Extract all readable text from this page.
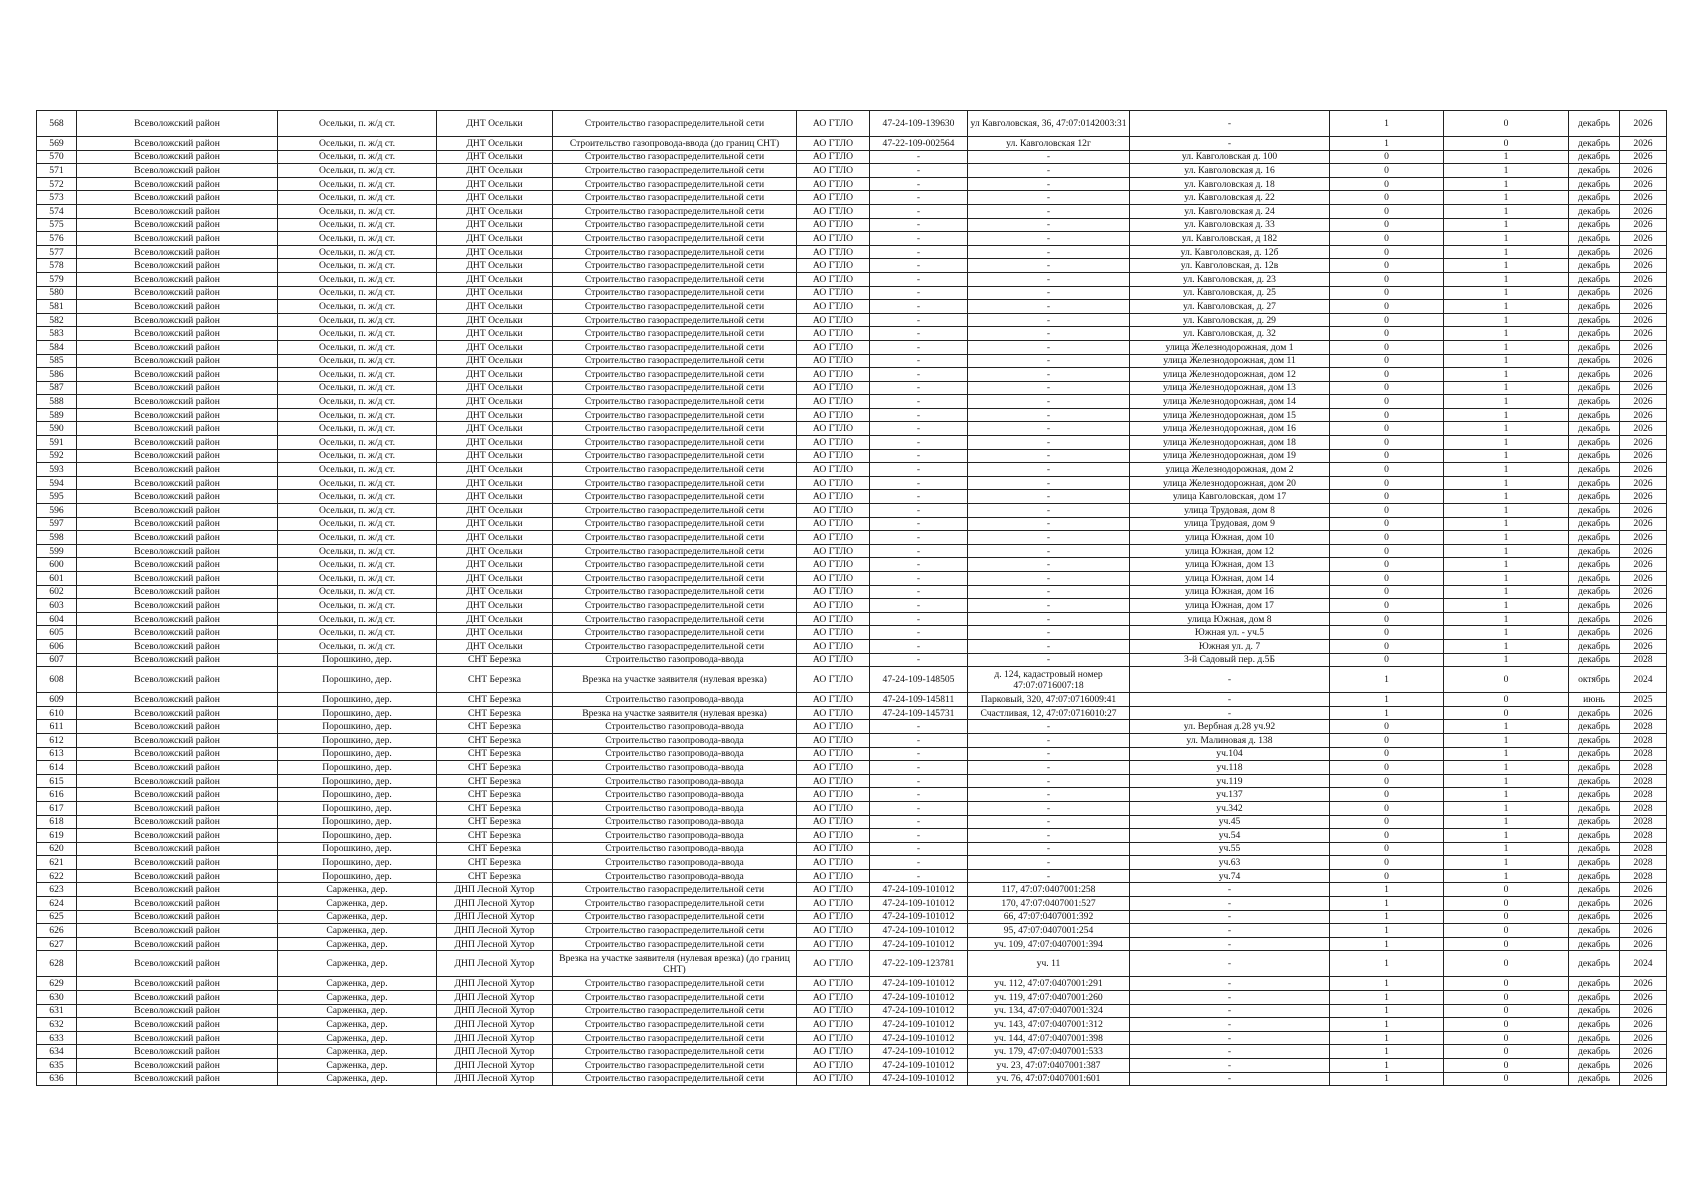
568	Всеволожский район	Осельки, п. ж/д ст.	ДНТ Осельки	Строительство газораспределительной сети	АО ГТЛО	47-24-109-139630	ул Кавголовская, 36, 47:07:0142003:31	-	1	0	декабрь	2026
569	Всеволожский район	Осельки, п. ж/д ст.	ДНТ Осельки	Строительство газопровода-ввода (до границ СНТ)	АО ГТЛО	47-22-109-002564	ул. Кавголовская 12г	-	1	0	декабрь	2026
570	Всеволожский район	Осельки, п. ж/д ст.	ДНТ Осельки	Строительство газораспределительной сети	АО ГТЛО	-	-	ул. Кавголовская д. 100	0	1	декабрь	2026
571	Всеволожский район	Осельки, п. ж/д ст.	ДНТ Осельки	Строительство газораспределительной сети	АО ГТЛО	-	-	ул. Кавголовская д. 16	0	1	декабрь	2026
572	Всеволожский район	Осельки, п. ж/д ст.	ДНТ Осельки	Строительство газораспределительной сети	АО ГТЛО	-	-	ул. Кавголовская д. 18	0	1	декабрь	2026
573	Всеволожский район	Осельки, п. ж/д ст.	ДНТ Осельки	Строительство газораспределительной сети	АО ГТЛО	-	-	ул. Кавголовская д. 22	0	1	декабрь	2026
574	Всеволожский район	Осельки, п. ж/д ст.	ДНТ Осельки	Строительство газораспределительной сети	АО ГТЛО	-	-	ул. Кавголовская д. 24	0	1	декабрь	2026
575	Всеволожский район	Осельки, п. ж/д ст.	ДНТ Осельки	Строительство газораспределительной сети	АО ГТЛО	-	-	ул. Кавголовская д. 33	0	1	декабрь	2026
576	Всеволожский район	Осельки, п. ж/д ст.	ДНТ Осельки	Строительство газораспределительной сети	АО ГТЛО	-	-	ул. Кавголовская, д 182	0	1	декабрь	2026
577	Всеволожский район	Осельки, п. ж/д ст.	ДНТ Осельки	Строительство газораспределительной сети	АО ГТЛО	-	-	ул. Кавголовская, д. 12б	0	1	декабрь	2026
578	Всеволожский район	Осельки, п. ж/д ст.	ДНТ Осельки	Строительство газораспределительной сети	АО ГТЛО	-	-	ул. Кавголовская, д. 12в	0	1	декабрь	2026
579	Всеволожский район	Осельки, п. ж/д ст.	ДНТ Осельки	Строительство газораспределительной сети	АО ГТЛО	-	-	ул. Кавголовская, д. 23	0	1	декабрь	2026
580	Всеволожский район	Осельки, п. ж/д ст.	ДНТ Осельки	Строительство газораспределительной сети	АО ГТЛО	-	-	ул. Кавголовская, д. 25	0	1	декабрь	2026
581	Всеволожский район	Осельки, п. ж/д ст.	ДНТ Осельки	Строительство газораспределительной сети	АО ГТЛО	-	-	ул. Кавголовская, д. 27	0	1	декабрь	2026
582	Всеволожский район	Осельки, п. ж/д ст.	ДНТ Осельки	Строительство газораспределительной сети	АО ГТЛО	-	-	ул. Кавголовская, д. 29	0	1	декабрь	2026
583	Всеволожский район	Осельки, п. ж/д ст.	ДНТ Осельки	Строительство газораспределительной сети	АО ГТЛО	-	-	ул. Кавголовская, д. 32	0	1	декабрь	2026
584	Всеволожский район	Осельки, п. ж/д ст.	ДНТ Осельки	Строительство газораспределительной сети	АО ГТЛО	-	-	улица Железнодорожная, дом 1	0	1	декабрь	2026
585	Всеволожский район	Осельки, п. ж/д ст.	ДНТ Осельки	Строительство газораспределительной сети	АО ГТЛО	-	-	улица Железнодорожная, дом 11	0	1	декабрь	2026
586	Всеволожский район	Осельки, п. ж/д ст.	ДНТ Осельки	Строительство газораспределительной сети	АО ГТЛО	-	-	улица Железнодорожная, дом 12	0	1	декабрь	2026
587	Всеволожский район	Осельки, п. ж/д ст.	ДНТ Осельки	Строительство газораспределительной сети	АО ГТЛО	-	-	улица Железнодорожная, дом 13	0	1	декабрь	2026
588	Всеволожский район	Осельки, п. ж/д ст.	ДНТ Осельки	Строительство газораспределительной сети	АО ГТЛО	-	-	улица Железнодорожная, дом 14	0	1	декабрь	2026
589	Всеволожский район	Осельки, п. ж/д ст.	ДНТ Осельки	Строительство газораспределительной сети	АО ГТЛО	-	-	улица Железнодорожная, дом 15	0	1	декабрь	2026
590	Всеволожский район	Осельки, п. ж/д ст.	ДНТ Осельки	Строительство газораспределительной сети	АО ГТЛО	-	-	улица Железнодорожная, дом 16	0	1	декабрь	2026
591	Всеволожский район	Осельки, п. ж/д ст.	ДНТ Осельки	Строительство газораспределительной сети	АО ГТЛО	-	-	улица Железнодорожная, дом 18	0	1	декабрь	2026
592	Всеволожский район	Осельки, п. ж/д ст.	ДНТ Осельки	Строительство газораспределительной сети	АО ГТЛО	-	-	улица Железнодорожная, дом 19	0	1	декабрь	2026
593	Всеволожский район	Осельки, п. ж/д ст.	ДНТ Осельки	Строительство газораспределительной сети	АО ГТЛО	-	-	улица Железнодорожная, дом 2	0	1	декабрь	2026
594	Всеволожский район	Осельки, п. ж/д ст.	ДНТ Осельки	Строительство газораспределительной сети	АО ГТЛО	-	-	улица Железнодорожная, дом 20	0	1	декабрь	2026
595	Всеволожский район	Осельки, п. ж/д ст.	ДНТ Осельки	Строительство газораспределительной сети	АО ГТЛО	-	-	улица Кавголовская, дом 17	0	1	декабрь	2026
596	Всеволожский район	Осельки, п. ж/д ст.	ДНТ Осельки	Строительство газораспределительной сети	АО ГТЛО	-	-	улица Трудовая, дом 8	0	1	декабрь	2026
597	Всеволожский район	Осельки, п. ж/д ст.	ДНТ Осельки	Строительство газораспределительной сети	АО ГТЛО	-	-	улица Трудовая, дом 9	0	1	декабрь	2026
598	Всеволожский район	Осельки, п. ж/д ст.	ДНТ Осельки	Строительство газораспределительной сети	АО ГТЛО	-	-	улица Южная, дом 10	0	1	декабрь	2026
599	Всеволожский район	Осельки, п. ж/д ст.	ДНТ Осельки	Строительство газораспределительной сети	АО ГТЛО	-	-	улица Южная, дом 12	0	1	декабрь	2026
600	Всеволожский район	Осельки, п. ж/д ст.	ДНТ Осельки	Строительство газораспределительной сети	АО ГТЛО	-	-	улица Южная, дом 13	0	1	декабрь	2026
601	Всеволожский район	Осельки, п. ж/д ст.	ДНТ Осельки	Строительство газораспределительной сети	АО ГТЛО	-	-	улица Южная, дом 14	0	1	декабрь	2026
602	Всеволожский район	Осельки, п. ж/д ст.	ДНТ Осельки	Строительство газораспределительной сети	АО ГТЛО	-	-	улица Южная, дом 16	0	1	декабрь	2026
603	Всеволожский район	Осельки, п. ж/д ст.	ДНТ Осельки	Строительство газораспределительной сети	АО ГТЛО	-	-	улица Южная, дом 17	0	1	декабрь	2026
604	Всеволожский район	Осельки, п. ж/д ст.	ДНТ Осельки	Строительство газораспределительной сети	АО ГТЛО	-	-	улица Южная, дом 8	0	1	декабрь	2026
605	Всеволожский район	Осельки, п. ж/д ст.	ДНТ Осельки	Строительство газораспределительной сети	АО ГТЛО	-	-	Южная ул. - уч.5	0	1	декабрь	2026
606	Всеволожский район	Осельки, п. ж/д ст.	ДНТ Осельки	Строительство газораспределительной сети	АО ГТЛО	-	-	Южная ул. д. 7	0	1	декабрь	2026
607	Всеволожский район	Порошкино, дер.	СНТ Березка	Строительство газопровода-ввода	АО ГТЛО	-	-	3-й Садовый пер. д.5Б	0	1	декабрь	2028
608	Всеволожский район	Порошкино, дер.	СНТ Березка	Врезка на участке заявителя (нулевая врезка)	АО ГТЛО	47-24-109-148505	д. 124, кадастровый номер 47:07:0716007:18	-	1	0	октябрь	2024
609	Всеволожский район	Порошкино, дер.	СНТ Березка	Строительство газопровода-ввода	АО ГТЛО	47-24-109-145811	Парковый, 320, 47:07:0716009:41	-	1	0	июнь	2025
610	Всеволожский район	Порошкино, дер.	СНТ Березка	Врезка на участке заявителя (нулевая врезка)	АО ГТЛО	47-24-109-145731	Счастливая, 12, 47:07:0716010:27	-	1	0	декабрь	2026
611	Всеволожский район	Порошкино, дер.	СНТ Березка	Строительство газопровода-ввода	АО ГТЛО	-	-	ул. Вербная д.28 уч.92	0	1	декабрь	2028
612	Всеволожский район	Порошкино, дер.	СНТ Березка	Строительство газопровода-ввода	АО ГТЛО	-	-	ул. Малиновая д. 138	0	1	декабрь	2028
613	Всеволожский район	Порошкино, дер.	СНТ Березка	Строительство газопровода-ввода	АО ГТЛО	-	-	уч.104	0	1	декабрь	2028
614	Всеволожский район	Порошкино, дер.	СНТ Березка	Строительство газопровода-ввода	АО ГТЛО	-	-	уч.118	0	1	декабрь	2028
615	Всеволожский район	Порошкино, дер.	СНТ Березка	Строительство газопровода-ввода	АО ГТЛО	-	-	уч.119	0	1	декабрь	2028
616	Всеволожский район	Порошкино, дер.	СНТ Березка	Строительство газопровода-ввода	АО ГТЛО	-	-	уч.137	0	1	декабрь	2028
617	Всеволожский район	Порошкино, дер.	СНТ Березка	Строительство газопровода-ввода	АО ГТЛО	-	-	уч.342	0	1	декабрь	2028
618	Всеволожский район	Порошкино, дер.	СНТ Березка	Строительство газопровода-ввода	АО ГТЛО	-	-	уч.45	0	1	декабрь	2028
619	Всеволожский район	Порошкино, дер.	СНТ Березка	Строительство газопровода-ввода	АО ГТЛО	-	-	уч.54	0	1	декабрь	2028
620	Всеволожский район	Порошкино, дер.	СНТ Березка	Строительство газопровода-ввода	АО ГТЛО	-	-	уч.55	0	1	декабрь	2028
621	Всеволожский район	Порошкино, дер.	СНТ Березка	Строительство газопровода-ввода	АО ГТЛО	-	-	уч.63	0	1	декабрь	2028
622	Всеволожский район	Порошкино, дер.	СНТ Березка	Строительство газопровода-ввода	АО ГТЛО	-	-	уч.74	0	1	декабрь	2028
623	Всеволожский район	Сарженка, дер.	ДНП Лесной Хутор	Строительство газораспределительной сети	АО ГТЛО	47-24-109-101012	117, 47:07:0407001:258	-	1	0	декабрь	2026
624	Всеволожский район	Сарженка, дер.	ДНП Лесной Хутор	Строительство газораспределительной сети	АО ГТЛО	47-24-109-101012	170, 47:07:0407001:527	-	1	0	декабрь	2026
625	Всеволожский район	Сарженка, дер.	ДНП Лесной Хутор	Строительство газораспределительной сети	АО ГТЛО	47-24-109-101012	66, 47:07:0407001:392	-	1	0	декабрь	2026
626	Всеволожский район	Сарженка, дер.	ДНП Лесной Хутор	Строительство газораспределительной сети	АО ГТЛО	47-24-109-101012	95, 47:07:0407001:254	-	1	0	декабрь	2026
627	Всеволожский район	Сарженка, дер.	ДНП Лесной Хутор	Строительство газораспределительной сети	АО ГТЛО	47-24-109-101012	уч. 109, 47:07:0407001:394	-	1	0	декабрь	2026
628	Всеволожский район	Сарженка, дер.	ДНП Лесной Хутор	Врезка на участке заявителя (нулевая врезка) (до границ СНТ)	АО ГТЛО	47-22-109-123781	уч. 11	-	1	0	декабрь	2024
629	Всеволожский район	Сарженка, дер.	ДНП Лесной Хутор	Строительство газораспределительной сети	АО ГТЛО	47-24-109-101012	уч. 112, 47:07:0407001:291	-	1	0	декабрь	2026
630	Всеволожский район	Сарженка, дер.	ДНП Лесной Хутор	Строительство газораспределительной сети	АО ГТЛО	47-24-109-101012	уч. 119, 47:07:0407001:260	-	1	0	декабрь	2026
631	Всеволожский район	Сарженка, дер.	ДНП Лесной Хутор	Строительство газораспределительной сети	АО ГТЛО	47-24-109-101012	уч. 134, 47:07:0407001:324	-	1	0	декабрь	2026
632	Всеволожский район	Сарженка, дер.	ДНП Лесной Хутор	Строительство газораспределительной сети	АО ГТЛО	47-24-109-101012	уч. 143, 47:07:0407001:312	-	1	0	декабрь	2026
633	Всеволожский район	Сарженка, дер.	ДНП Лесной Хутор	Строительство газораспределительной сети	АО ГТЛО	47-24-109-101012	уч. 144, 47:07:0407001:398	-	1	0	декабрь	2026
634	Всеволожский район	Сарженка, дер.	ДНП Лесной Хутор	Строительство газораспределительной сети	АО ГТЛО	47-24-109-101012	уч. 179, 47:07:0407001:533	-	1	0	декабрь	2026
635	Всеволожский район	Сарженка, дер.	ДНП Лесной Хутор	Строительство газораспределительной сети	АО ГТЛО	47-24-109-101012	уч. 23, 47:07:0407001:387	-	1	0	декабрь	2026
636	Всеволожский район	Сарженка, дер.	ДНП Лесной Хутор	Строительство газораспределительной сети	АО ГТЛО	47-24-109-101012	уч. 76, 47:07:0407001:601	-	1	0	декабрь	2026
